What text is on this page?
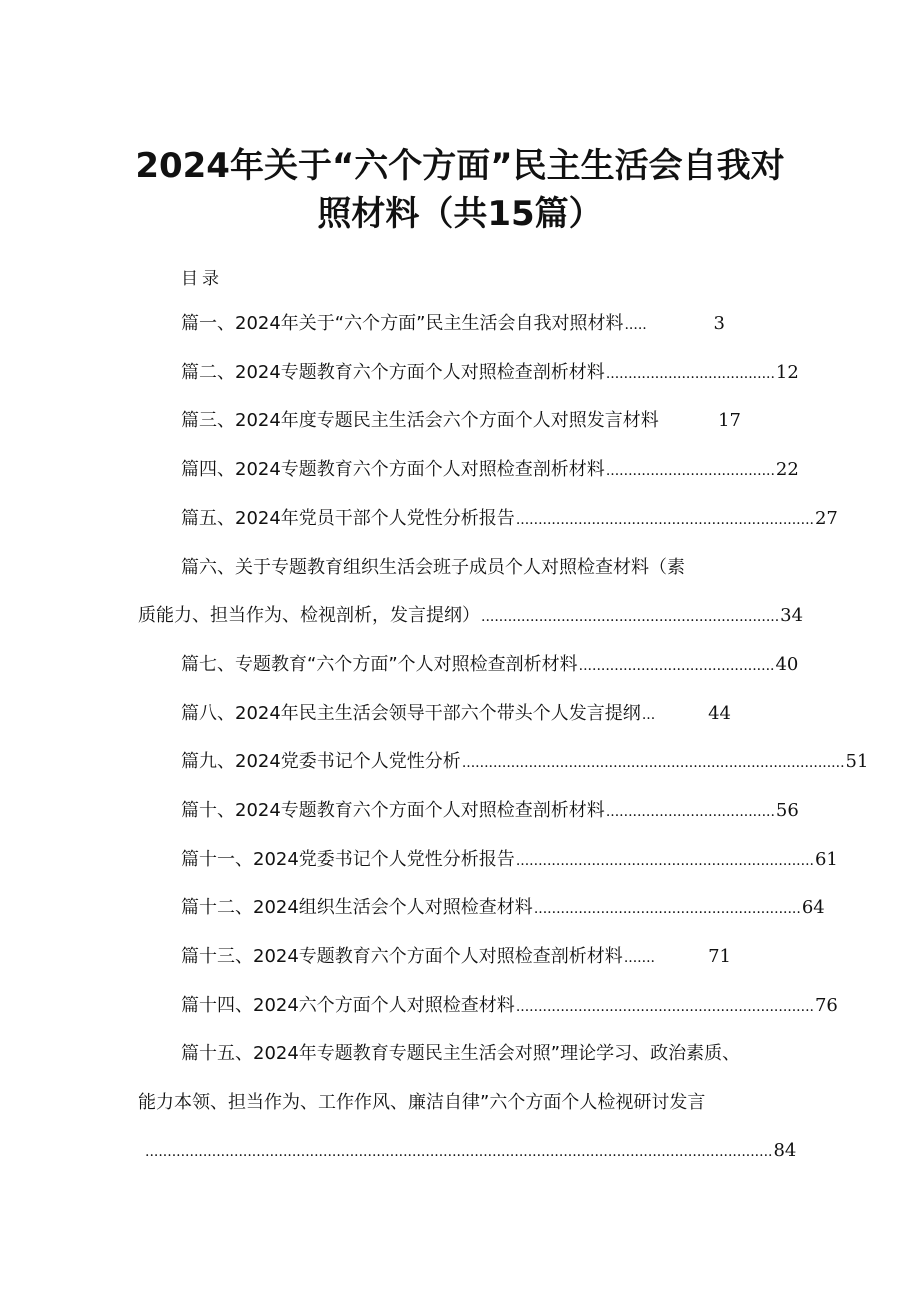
2024年关于“六个方面”民主生活会自我对
照材料（共15篇）
目录
篇一、2024年关于“六个方面”民主生活会自我对照材料 .....	3
篇二、2024专题教育六个方面个人对照检查剖析材料 ...................................... 12
篇三、2024年度专题民主生活会六个方面个人对照发言材料	17
篇四、2024专题教育六个方面个人对照检查剖析材料 ...................................... 22
篇五、2024年党员干部个人党性分析报告 ................................................................... 27
篇六、关于专题教育组织生活会班子成员个人对照检查材料（素
质能力、担当作为、检视剖析，发言提纲） ................................................................... 34
篇七、专题教育“六个方面”个人对照检查剖析材料 ............................................ 40
篇八、2024年民主生活会领导干部六个带头个人发言提纲 ...	44
篇九、2024党委书记个人党性分析 ...................................................................................... 51
篇十、2024专题教育六个方面个人对照检查剖析材料 ...................................... 56
篇十一、2024党委书记个人党性分析报告 ................................................................... 61
篇十二、2024组织生活会个人对照检查材料 ............................................................ 64
篇十三、2024专题教育六个方面个人对照检查剖析材料 .......	71
篇十四、2024六个方面个人对照检查材料 ................................................................... 76
篇十五、2024年专题教育专题民主生活会对照”理论学习、政治素质、
能力本领、担当作为、工作作风、廉洁自律”六个方面个人检视研讨发言
............................................................................................................................................. 84
